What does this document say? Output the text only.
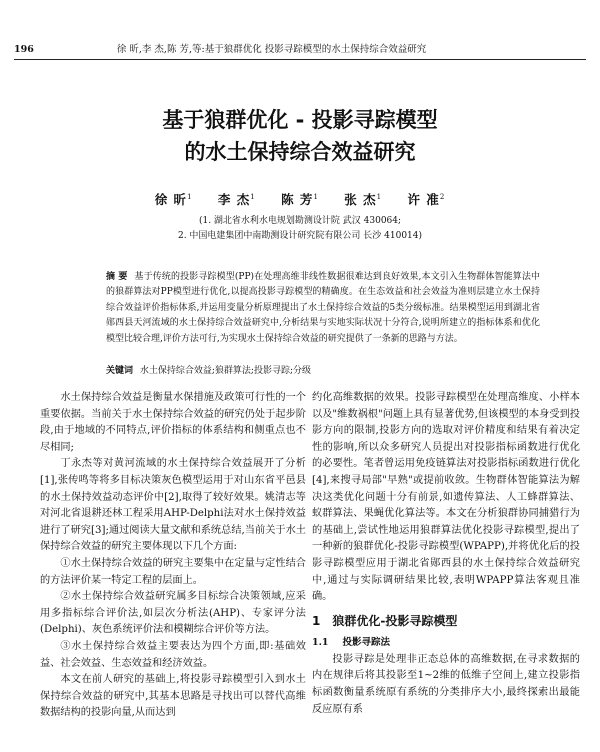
196	徐 昕,李 杰,陈 芳,等:基于狼群优化 投影寻踪模型的水土保持综合效益研究
基于狼群优化 - 投影寻踪模型
的水土保持综合效益研究
徐 昕$^1$ 李 杰$^1$ 陈 芳$^1$ 张 杰$^1$ 许 准$^2$
(1. 湖北省水利水电规划勘测设计院 武汉 430064;
2. 中国电建集团中南勘测设计研究院有限公司 长沙 410014)
摘 要 基于传统的投影寻踪模型(PP)在处理高维非线性数据很难达到良好效果,本文引入生物群体智能算法中的狼群算法对PP模型进行优化,以提高投影寻踪模型的精确度。在生态效益和社会效益为准则层建立水土保持综合效益评价指标体系,并运用变量分析原理提出了水土保持综合效益的5类分级标准。结果模型运用到湖北省郧西县天河流域的水土保持综合效益研究中,分析结果与实地实际状况十分符合,说明所建立的指标体系和优化模型比较合理,评价方法可行,为实现水土保持综合效益的研究提供了一条新的思路与方法。
关键词 水土保持综合效益;狼群算法;投影寻踪;分级

水土保持综合效益是衡量水保措施及政策可行性的一个重要依据。当前关于水土保持综合效益的研究仍处于起步阶段,由于地域的不同特点,评价指标的体系结构和侧重点也不尽相同;

丁永杰等对黄河流域的水土保持综合效益展开了分析[1],张传鸣等将多目标决策灰色模型运用于对山东省平邑县的水土保持效益动态评价中[2],取得了较好效果。姚清志等对河北省退耕还林工程采用AHP-Delphi法对水土保持效益进行了研究[3];通过阅读大量文献和系统总结,当前关于水土保持综合效益的研究主要体现以下几个方面:

①水土保持综合效益的研究主要集中在定量与定性结合的方法评价某一特定工程的层面上。

②水土保持综合效益研究属多目标综合决策领域,应采用多指标综合评价法,如层次分析法(AHP)、专家评分法(Delphi)、灰色系统评价法和模糊综合评价等方法。

③水土保持综合效益主要表达为四个方面,即:基础效益、社会效益、生态效益和经济效益。

本文在前人研究的基础上,将投影寻踪模型引入到水土保持综合效益的研究中,其基本思路是寻找出可以替代高维数据结构的投影向量,从而达到

约化高维数据的效果。投影寻踪模型在处理高维度、小样本以及"维数祸根"问题上具有显著优势,但该模型的本身受到投影方向的限制,投影方向的选取对评价精度和结果有着决定性的影响,所以众多研究人员提出对投影指标函数进行优化的必要性。笔者曾运用免疫链算法对投影指标函数进行优化[4],来搜寻局部"早熟"或提前收敛。生物群体智能算法为解决这类优化问题十分有前景,如遗传算法、人工蜂群算法、蚁群算法、果蝇优化算法等。本文在分析狼群协同捕猎行为的基础上,尝试性地运用狼群算法优化投影寻踪模型,提出了一种新的狼群优化-投影寻踪模型(WPAPP),并将优化后的投影寻踪模型应用于湖北省郧西县的水土保持综合效益研究中,通过与实际调研结果比较,表明WPAPP算法客观且准确。

1 狼群优化-投影寻踪模型
1.1 投影寻踪法

投影寻踪是处理非正态总体的高维数据,在寻求数据的内在规律后将其投影至1~2维的低维子空间上,建立投影指标函数衡量系统原有系统的分类排序大小,最终探索出最能反应原有系
